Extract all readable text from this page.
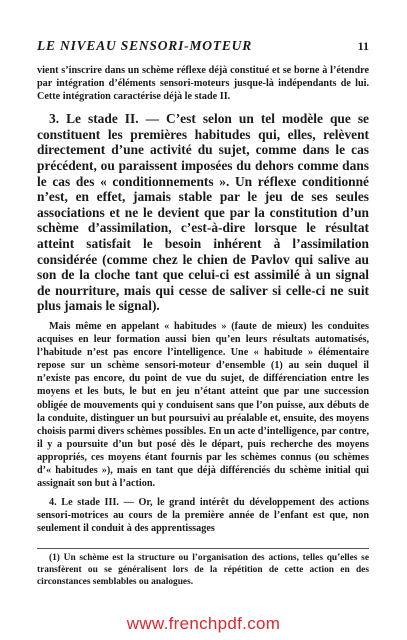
LE NIVEAU SENSORI-MOTEUR	11

vient s’inscrire dans un schème réflexe déjà constitué et se borne à l’étendre par intégration d’éléments sensori-moteurs jusque-là indépendants de lui. Cette intégration caractérise déjà le stade II.

3. Le stade II. — C’est selon un tel modèle que se constituent les premières habitudes qui, elles, relèvent directement d’une activité du sujet, comme dans le cas précédent, ou paraissent imposées du dehors comme dans le cas des « conditionnements ». Un réflexe conditionné n’est, en effet, jamais stable par le jeu de ses seules associations et ne le devient que par la constitution d’un schème d’assimilation, c’est-à-dire lorsque le résultat atteint satisfait le besoin inhérent à l’assimilation considérée (comme chez le chien de Pavlov qui salive au son de la cloche tant que celui-ci est assimilé à un signal de nourriture, mais qui cesse de saliver si celle-ci ne suit plus jamais le signal).

Mais même en appelant « habitudes » (faute de mieux) les conduites acquises en leur formation aussi bien qu’en leurs résultats automatisés, l’habitude n’est pas encore l’intelligence. Une « habitude » élémentaire repose sur un schème sensori-moteur d’ensemble (1) au sein duquel il n’existe pas encore, du point de vue du sujet, de différenciation entre les moyens et les buts, le but en jeu n’étant atteint que par une succession obligée de mouvements qui y conduisent sans que l’on puisse, aux débuts de la conduite, distinguer un but poursuivi au préalable et, ensuite, des moyens choisis parmi divers schèmes possibles. En un acte d’intelligence, par contre, il y a poursuite d’un but posé dès le départ, puis recherche des moyens appropriés, ces moyens étant fournis par les schèmes connus (ou schèmes d’« habitudes »), mais en tant que déjà différenciés du schème initial qui assignait son but à l’action.

4. Le stade III. — Or, le grand intérêt du développement des actions sensori-motrices au cours de la première année de l’enfant est que, non seulement il conduit à des apprentissages

(1) Un schème est la structure ou l’organisation des actions, telles qu’elles se transfèrent ou se généralisent lors de la répétition de cette action en des circonstances semblables ou analogues.

www.frenchpdf.com
